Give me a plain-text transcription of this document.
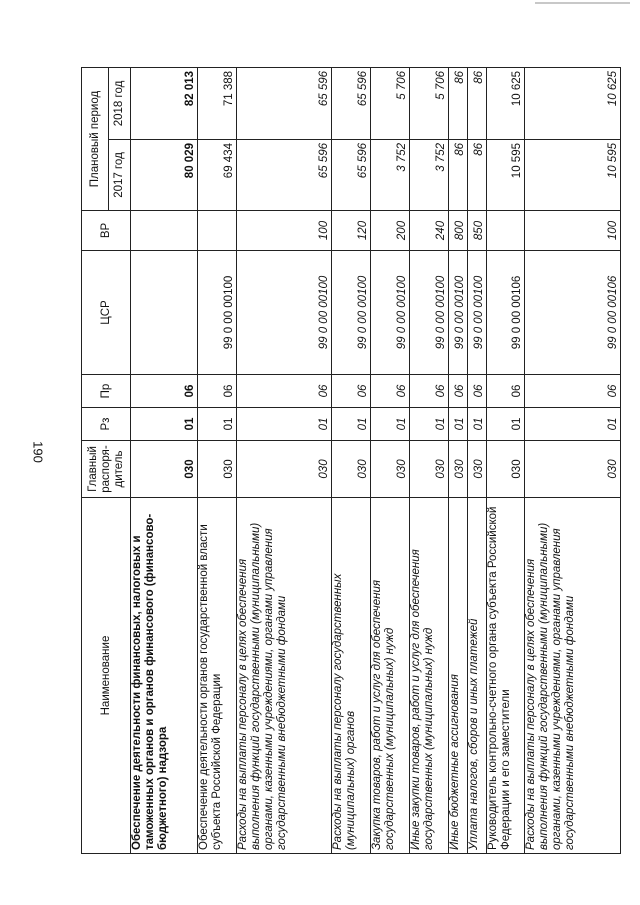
190
Наименование	Главный распоря-дитель	Рз	Пр	ЦСР	ВР	Плановый период	
						2017 год	2018 год
Обеспечение деятельности финансовых, налоговых и таможенных органов и органов финансового (финансово-бюджетного) надзора	030	01	06			80 029	82 013
Обеспечение деятельности органов государственной власти субъекта Российской Федерации	030	01	06	99 0 00 00100		69 434	71 388
Расходы на выплаты персоналу в целях обеспечения выполнения функций государственными (муниципальными) органами, казенными учреждениями, органами управления государственными внебюджетными фондами	030	01	06	99 0 00 00100	100	65 596	65 596
Расходы на выплаты персоналу государственных (муниципальных) органов	030	01	06	99 0 00 00100	120	65 596	65 596
Закупка товаров, работ и услуг для обеспечения государственных (муниципальных) нужд	030	01	06	99 0 00 00100	200	3 752	5 706
Иные закупки товаров, работ и услуг для обеспечения государственных (муниципальных) нужд	030	01	06	99 0 00 00100	240	3 752	5 706
Иные бюджетные ассигнования	030	01	06	99 0 00 00100	800	86	86
Уплата налогов, сборов и иных платежей	030	01	06	99 0 00 00100	850	86	86
Руководитель контрольно-счетного органа субъекта Российской Федерации и его заместители	030	01	06	99 0 00 00106		10 595	10 625
Расходы на выплаты персоналу в целях обеспечения выполнения функций государственными (муниципальными) органами, казенными учреждениями, органами управления государственными внебюджетными фондами	030	01	06	99 0 00 00106	100	10 595	10 625
